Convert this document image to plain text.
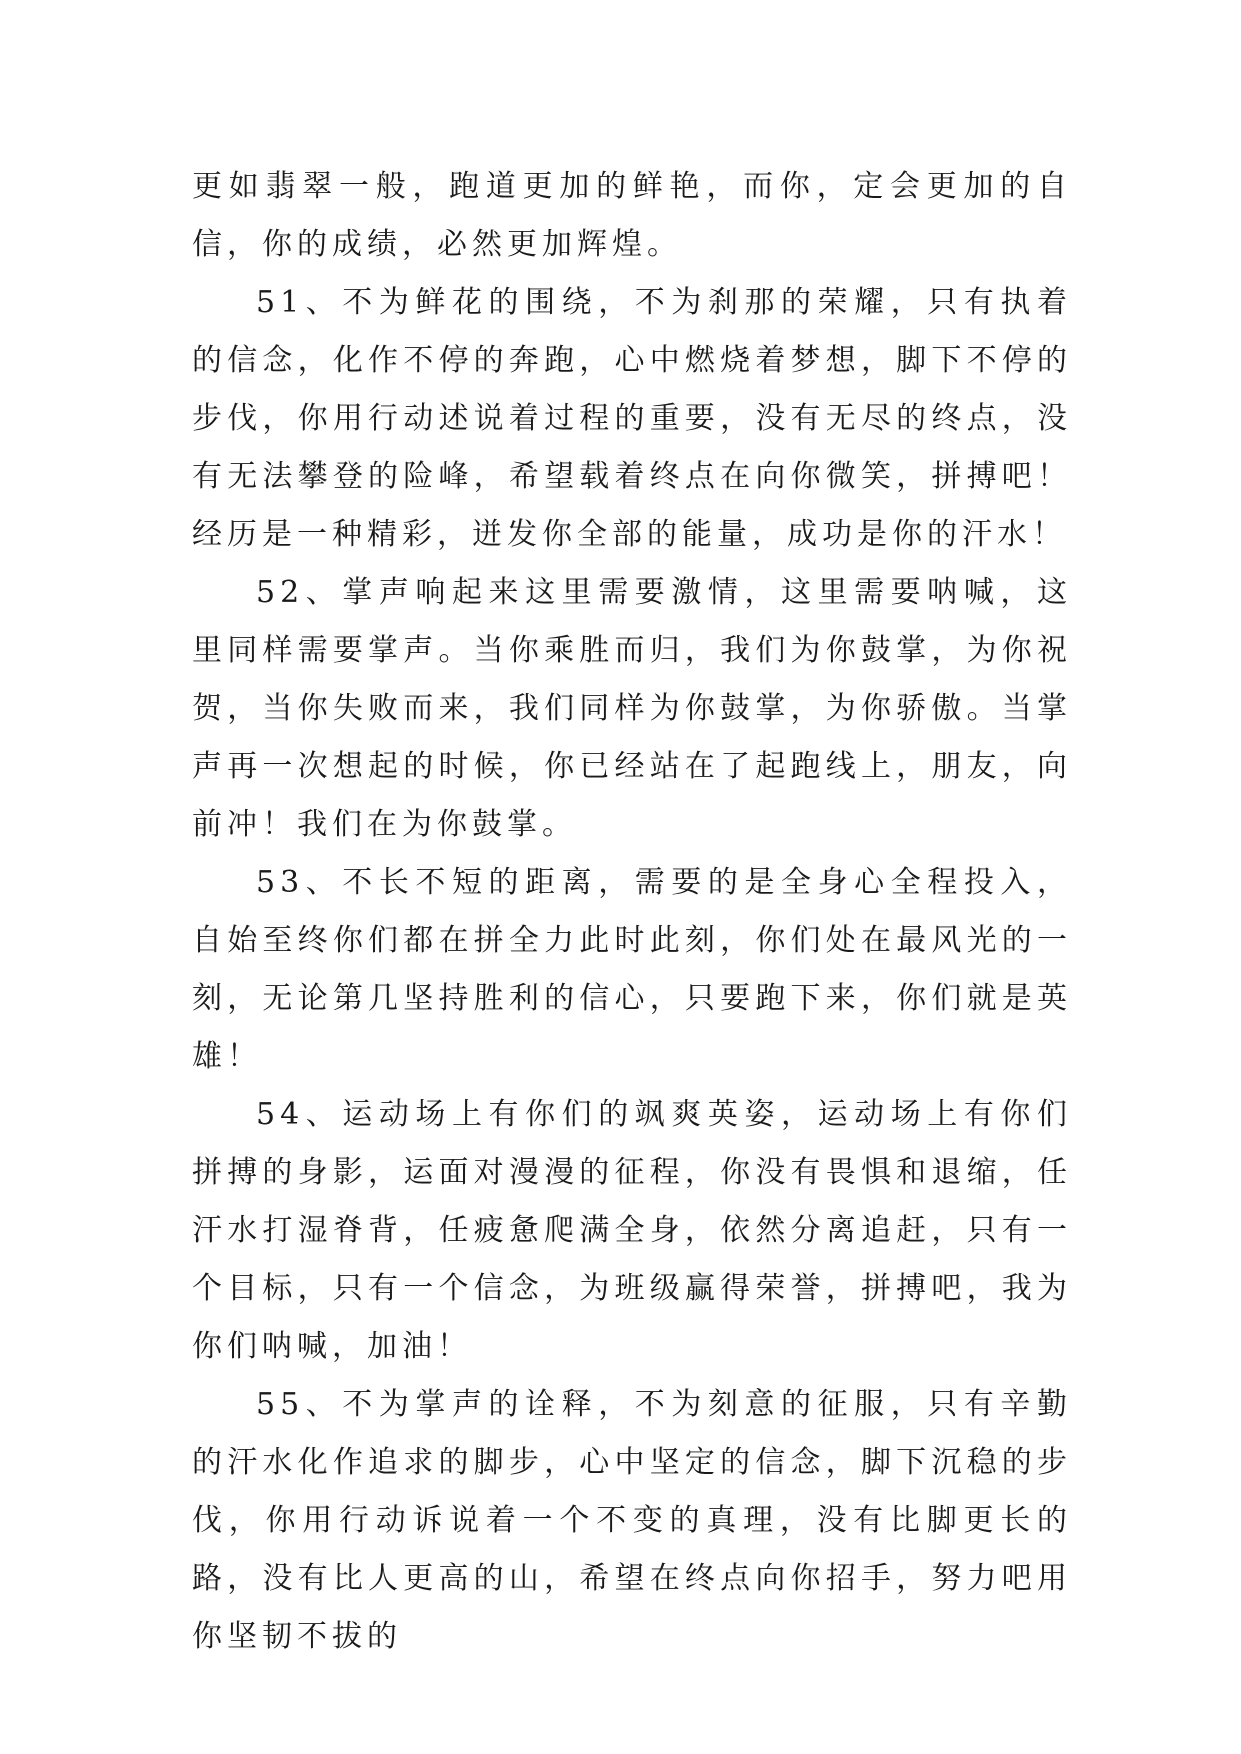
更如翡翠一般，跑道更加的鲜艳，而你，定会更加的自信，你的成绩，必然更加辉煌。

51、不为鲜花的围绕，不为刹那的荣耀，只有执着的信念，化作不停的奔跑，心中燃烧着梦想，脚下不停的步伐，你用行动述说着过程的重要，没有无尽的终点，没有无法攀登的险峰，希望载着终点在向你微笑，拼搏吧！经历是一种精彩，迸发你全部的能量，成功是你的汗水！

52、掌声响起来这里需要激情，这里需要呐喊，这里同样需要掌声。当你乘胜而归，我们为你鼓掌，为你祝贺，当你失败而来，我们同样为你鼓掌，为你骄傲。当掌声再一次想起的时候，你已经站在了起跑线上，朋友，向前冲！我们在为你鼓掌。

53、不长不短的距离，需要的是全身心全程投入，自始至终你们都在拼全力此时此刻，你们处在最风光的一刻，无论第几坚持胜利的信心，只要跑下来，你们就是英雄！

54、运动场上有你们的飒爽英姿，运动场上有你们拼搏的身影，运面对漫漫的征程，你没有畏惧和退缩，任汗水打湿脊背，任疲惫爬满全身，依然分离追赶，只有一个目标，只有一个信念，为班级赢得荣誉，拼搏吧，我为你们呐喊，加油！

55、不为掌声的诠释，不为刻意的征服，只有辛勤的汗水化作追求的脚步，心中坚定的信念，脚下沉稳的步伐，你用行动诉说着一个不变的真理，没有比脚更长的路，没有比人更高的山，希望在终点向你招手，努力吧用你坚韧不拔的
